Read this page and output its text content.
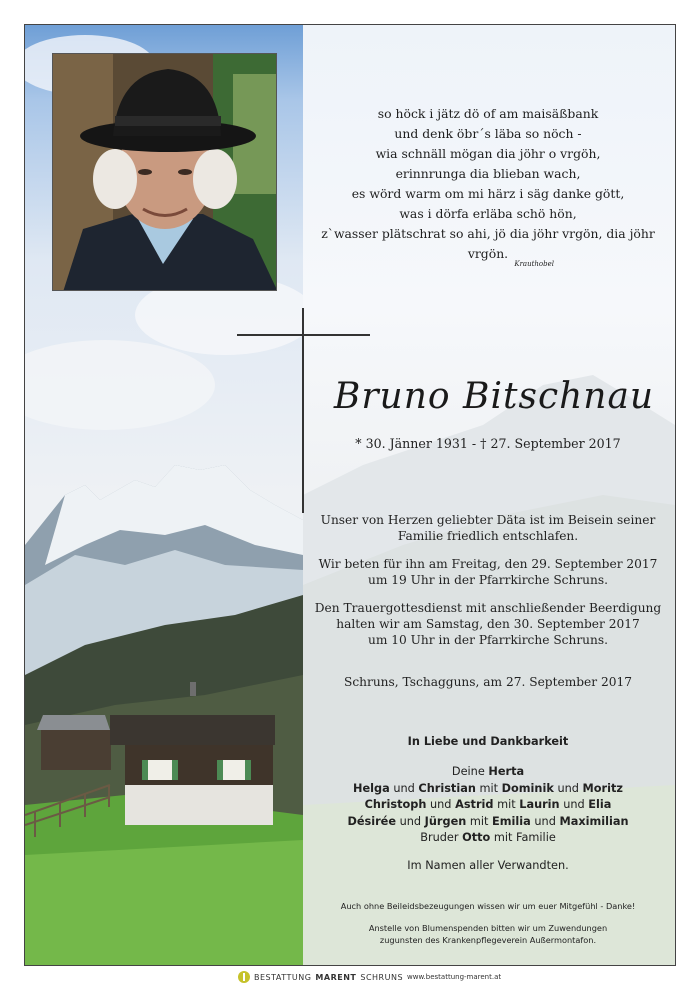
so höck i jätz dö of am maisäßbank
und denk öbr´s läba so nöch -
wia schnäll mögan dia jöhr o vrgöh,
erinnrunga dia blieban wach,
es wörd warm om mi härz i säg danke gött,
was i dörfa erläba schö hön,
z`wasser plätschrat so ahi, jö dia jöhr vrgön, dia jöhr vrgön.
Krauthobel
Bruno Bitschnau
* 30. Jänner 1931 - † 27. September 2017
Unser von Herzen geliebter Däta ist im Beisein seiner
Familie friedlich entschlafen.
Wir beten für ihn am Freitag, den 29. September 2017
um 19 Uhr in der Pfarrkirche Schruns.
Den Trauergottesdienst mit anschließender Beerdigung
halten wir am Samstag, den 30. September 2017
um 10 Uhr in der Pfarrkirche Schruns.
Schruns, Tschagguns, am 27. September 2017
In Liebe und Dankbarkeit
Deine Herta
Helga und Christian mit Dominik und Moritz
Christoph und Astrid mit Laurin und Elia
Désirée und Jürgen mit Emilia und Maximilian
Bruder Otto mit Familie
Im Namen aller Verwandten.
Auch ohne Beileidsbezeugungen wissen wir um euer Mitgefühl - Danke!
Anstelle von Blumenspenden bitten wir um Zuwendungen
zugunsten des Krankenpflegeverein Außermontafon.
BESTATTUNG MARENT SCHRUNS www.bestattung-marent.at
